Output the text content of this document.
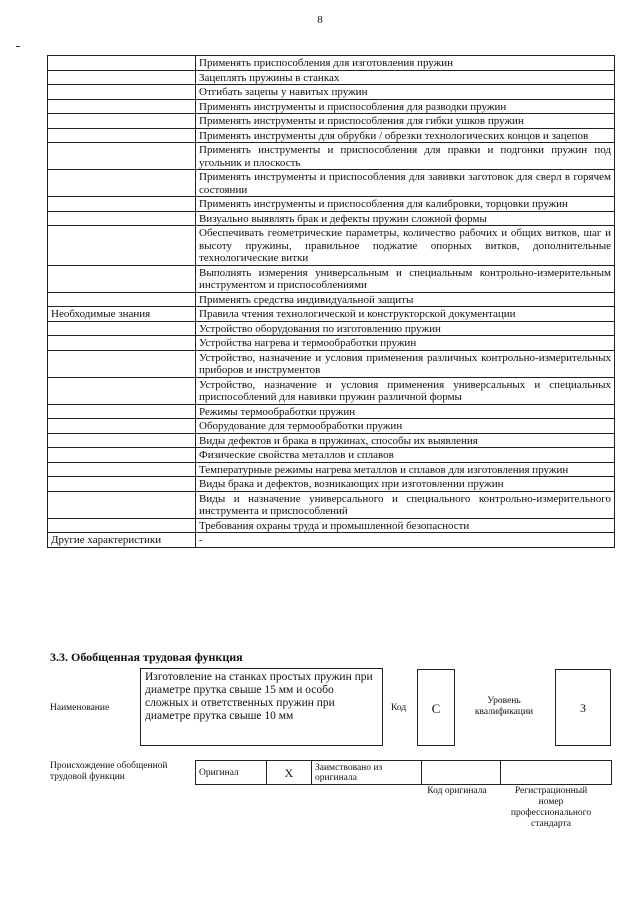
8
	Применять приспособления для изготовления пружин
	Зацеплять пружины в станках
	Отгибать зацепы у навитых пружин
	Применять инструменты и приспособления для разводки пружин
	Применять инструменты и приспособления для гибки ушков пружин
	Применять инструменты для обрубки / обрезки технологических концов и зацепов
	Применять инструменты и приспособления для правки и подгонки пружин под угольник и плоскость
	Применять инструменты и приспособления для завивки заготовок для сверл в горячем состоянии
	Применять инструменты и приспособления для калибровки, торцовки пружин
	Визуально выявлять брак и дефекты пружин сложной формы
	Обеспечивать геометрические параметры, количество рабочих и общих витков, шаг и высоту пружины, правильное поджатие опорных витков, дополнительные технологические витки
	Выполнять измерения универсальным и специальным контрольно-измерительным инструментом и приспособлениями
	Применять средства индивидуальной защиты
Необходимые знания	Правила чтения технологической и конструкторской документации
	Устройство оборудования по изготовлению пружин
	Устройства нагрева и термообработки пружин
	Устройство, назначение и условия применения различных контрольно-измерительных приборов и инструментов
	Устройство, назначение и условия применения универсальных и специальных приспособлений для навивки пружин различной формы
	Режимы термообработки пружин
	Оборудование для термообработки пружин
	Виды дефектов и брака в пружинах, способы их выявления
	Физические свойства металлов и сплавов
	Температурные режимы нагрева металлов и сплавов для изготовления пружин
	Виды брака и дефектов, возникающих при изготовлении пружин
	Виды и назначение универсального и специального контрольно-измерительного инструмента и приспособлений
	Требования охраны труда и промышленной безопасности
Другие характеристики	-
3.3. Обобщенная трудовая функция
Наименование
Изготовление на станках простых пружин при диаметре прутка свыше 15 мм и особо сложных и ответственных пружин при диаметре прутка свыше 10 мм
Код	С	Уровень квалификации	3
Происхождение обобщенной трудовой функции	Оригинал	X	Заимствовано из оригинала		
Код оригинала	Регистрационный номер профессионального стандарта
